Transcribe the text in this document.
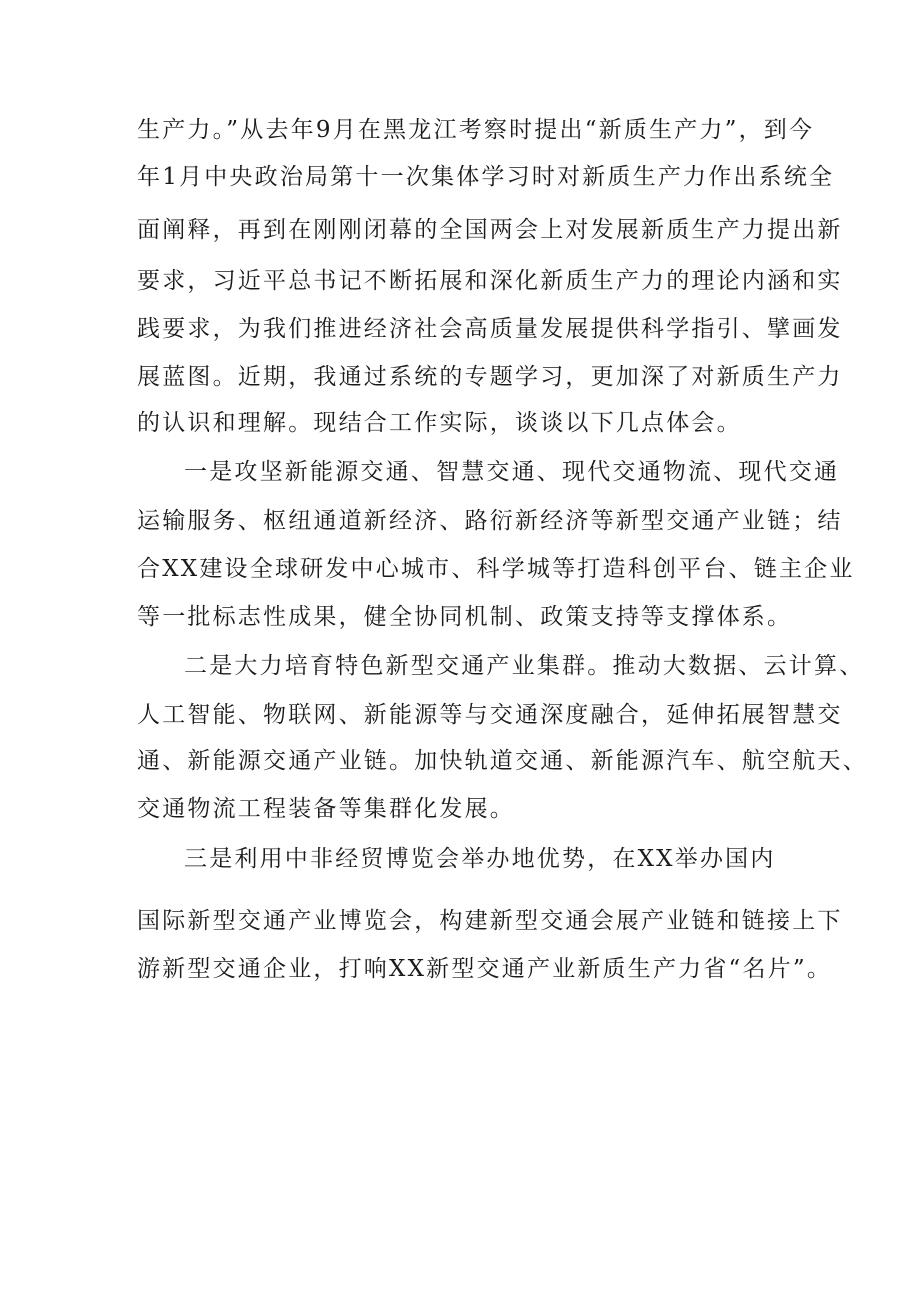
生产力。”从去年9月在黑龙江考察时提出“新质生产力”，到今
年1月中央政治局第十一次集体学习时对新质生产力作出系统全
面阐释，再到在刚刚闭幕的全国两会上对发展新质生产力提出新
要求，习近平总书记不断拓展和深化新质生产力的理论内涵和实
践要求，为我们推进经济社会高质量发展提供科学指引、擘画发
展蓝图。近期，我通过系统的专题学习，更加深了对新质生产力
的认识和理解。现结合工作实际，谈谈以下几点体会。
一是攻坚新能源交通、智慧交通、现代交通物流、现代交通
运输服务、枢纽通道新经济、路衍新经济等新型交通产业链；结
合XX建设全球研发中心城市、科学城等打造科创平台、链主企业
等一批标志性成果，健全协同机制、政策支持等支撑体系。
二是大力培育特色新型交通产业集群。推动大数据、云计算、
人工智能、物联网、新能源等与交通深度融合，延伸拓展智慧交
通、新能源交通产业链。加快轨道交通、新能源汽车、航空航天、
交通物流工程装备等集群化发展。
三是利用中非经贸博览会举办地优势，在XX举办国内
国际新型交通产业博览会，构建新型交通会展产业链和链接上下
游新型交通企业，打响XX新型交通产业新质生产力省“名片”。
